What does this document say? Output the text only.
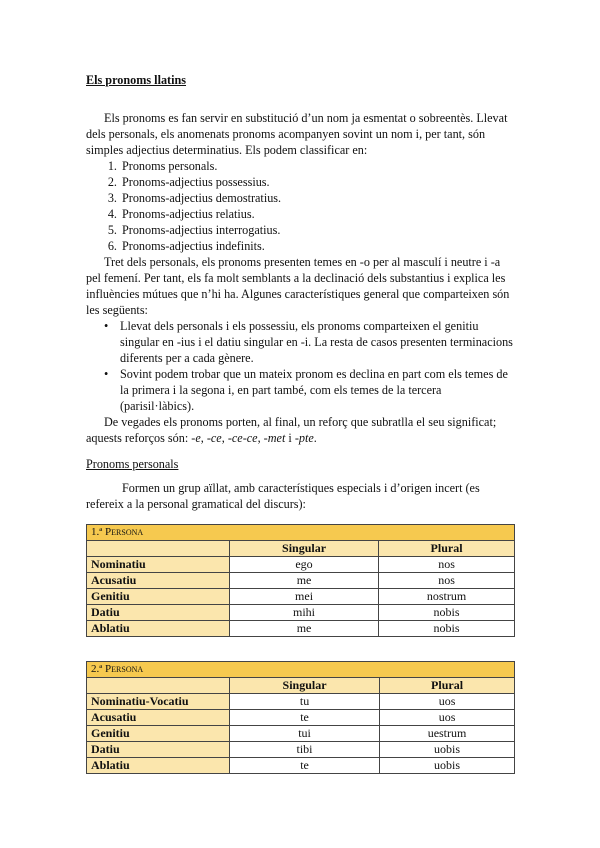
Els pronoms llatins

Els pronoms es fan servir en substitució d’un nom ja esmentat o sobreentès. Llevat dels personals, els anomenats pronoms acompanyen sovint un nom i, per tant, són simples adjectius determinatius. Els podem classificar en:

1. Pronoms personals.
2. Pronoms-adjectius possessius.
3. Pronoms-adjectius demostratius.
4. Pronoms-adjectius relatius.
5. Pronoms-adjectius interrogatius.
6. Pronoms-adjectius indefinits.

Tret dels personals, els pronoms presenten temes en -o per al masculí i neutre i -a pel femení. Per tant, els fa molt semblants a la declinació dels substantius i explica les influències mútues que n’hi ha. Algunes característiques general que comparteixen són les següents:

• Llevat dels personals i els possessiu, els pronoms comparteixen el genitiu singular en -ius i el datiu singular en -i. La resta de casos presenten terminacions diferents per a cada gènere.
• Sovint podem trobar que un mateix pronom es declina en part com els temes de la primera i la segona i, en part també, com els temes de la tercera (parisil·làbics).

De vegades els pronoms porten, al final, un reforç que subratlla el seu significat; aquests reforços són: -e, -ce, -ce-ce, -met i -pte.

Pronoms personals

Formen un grup aïllat, amb característiques especials i d’origen incert (es refereix a la personal gramatical del discurs):

1.ª Persona		
	Singular	Plural
Nominatiu	ego	nos
Acusatiu	me	nos
Genitiu	mei	nostrum
Datiu	mihi	nobis
Ablatiu	me	nobis
2.ª Persona		
	Singular	Plural
Nominatiu-Vocatiu	tu	uos
Acusatiu	te	uos
Genitiu	tui	uestrum
Datiu	tibi	uobis
Ablatiu	te	uobis
